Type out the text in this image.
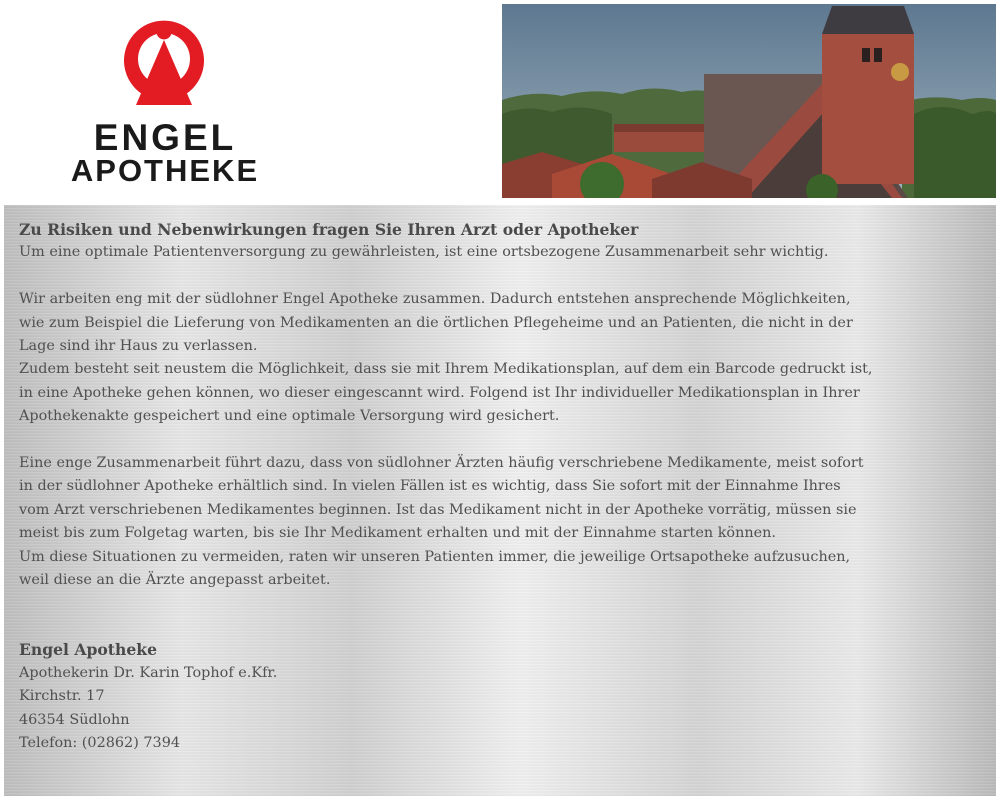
ENGEL
APOTHEKE

Zu Risiken und Nebenwirkungen fragen Sie Ihren Arzt oder Apotheker

Um eine optimale Patientenversorgung zu gewährleisten, ist eine ortsbezogene Zusammenarbeit sehr wichtig.

Wir arbeiten eng mit der südlohner Engel Apotheke zusammen. Dadurch entstehen ansprechende Möglichkeiten,

wie zum Beispiel die Lieferung von Medikamenten an die örtlichen Pflegeheime und an Patienten, die nicht in der

Lage sind ihr Haus zu verlassen.

Zudem besteht seit neustem die Möglichkeit, dass sie mit Ihrem Medikationsplan, auf dem ein Barcode gedruckt ist,

in eine Apotheke gehen können, wo dieser eingescannt wird. Folgend ist Ihr individueller Medikationsplan in Ihrer

Apothekenakte gespeichert und eine optimale Versorgung wird gesichert.

Eine enge Zusammenarbeit führt dazu, dass von südlohner Ärzten häufig verschriebene Medikamente, meist sofort

in der südlohner Apotheke erhältlich sind. In vielen Fällen ist es wichtig, dass Sie sofort mit der Einnahme Ihres

vom Arzt verschriebenen Medikamentes beginnen. Ist das Medikament nicht in der Apotheke vorrätig, müssen sie

meist bis zum Folgetag warten, bis sie Ihr Medikament erhalten und mit der Einnahme starten können.

Um diese Situationen zu vermeiden, raten wir unseren Patienten immer, die jeweilige Ortsapotheke aufzusuchen,

weil diese an die Ärzte angepasst arbeitet.

Engel Apotheke

Apothekerin Dr. Karin Tophof e.Kfr.

Kirchstr. 17

46354 Südlohn

Telefon: (02862) 7394
